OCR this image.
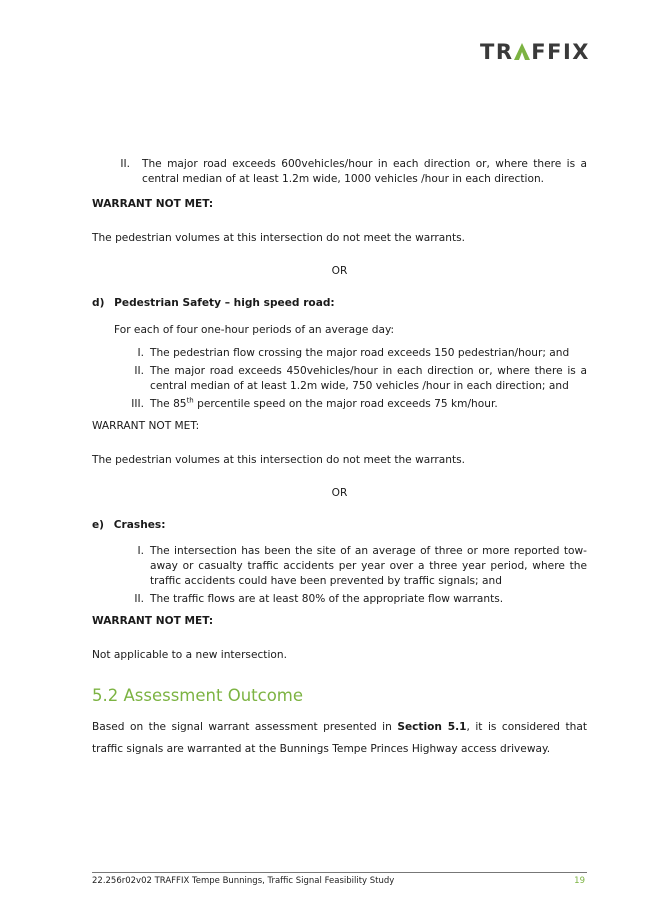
TR FFIX
II. The major road exceeds 600vehicles/hour in each direction or, where there is a central median of at least 1.2m wide, 1000 vehicles /hour in each direction.
WARRANT NOT MET:
The pedestrian volumes at this intersection do not meet the warrants.
OR
d) Pedestrian Safety – high speed road:
For each of four one-hour periods of an average day:
I. The pedestrian flow crossing the major road exceeds 150 pedestrian/hour; and
II. The major road exceeds 450vehicles/hour in each direction or, where there is a central median of at least 1.2m wide, 750 vehicles /hour in each direction; and
III. The 85th percentile speed on the major road exceeds 75 km/hour.
WARRANT NOT MET:
The pedestrian volumes at this intersection do not meet the warrants.
OR
e) Crashes:
I. The intersection has been the site of an average of three or more reported tow-away or casualty traffic accidents per year over a three year period, where the traffic accidents could have been prevented by traffic signals; and
II. The traffic flows are at least 80% of the appropriate flow warrants.
WARRANT NOT MET:
Not applicable to a new intersection.
5.2 Assessment Outcome
Based on the signal warrant assessment presented in Section 5.1, it is considered that traffic signals are warranted at the Bunnings Tempe Princes Highway access driveway.
22.256r02v02 TRAFFIX Tempe Bunnings, Traffic Signal Feasibility Study	19
